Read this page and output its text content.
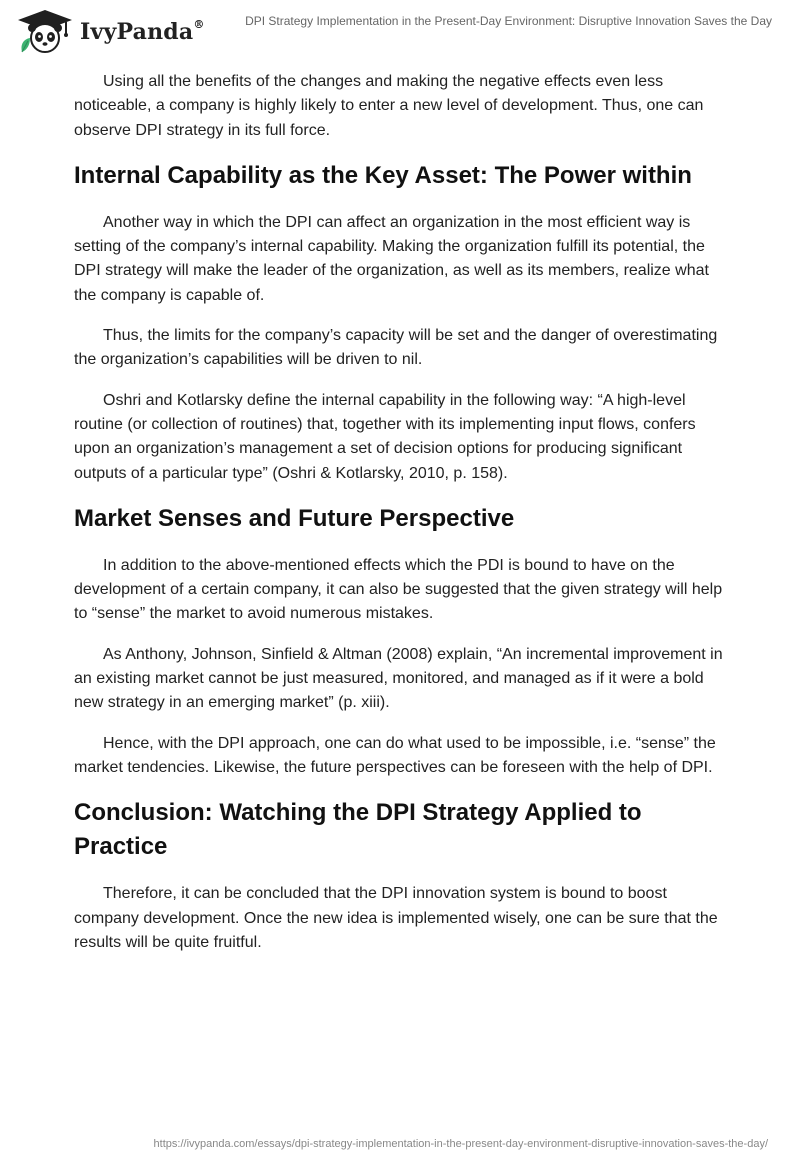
IvyPanda®	DPI Strategy Implementation in the Present-Day Environment: Disruptive Innovation Saves the Day

Using all the benefits of the changes and making the negative effects even less noticeable, a company is highly likely to enter a new level of development. Thus, one can observe DPI strategy in its full force.

Internal Capability as the Key Asset: The Power within

Another way in which the DPI can affect an organization in the most efficient way is setting of the company’s internal capability. Making the organization fulfill its potential, the DPI strategy will make the leader of the organization, as well as its members, realize what the company is capable of.

Thus, the limits for the company’s capacity will be set and the danger of overestimating the organization’s capabilities will be driven to nil.

Oshri and Kotlarsky define the internal capability in the following way: “A high-level routine (or collection of routines) that, together with its implementing input flows, confers upon an organization’s management a set of decision options for producing significant outputs of a particular type” (Oshri & Kotlarsky, 2010, p. 158).

Market Senses and Future Perspective

In addition to the above-mentioned effects which the PDI is bound to have on the development of a certain company, it can also be suggested that the given strategy will help to “sense” the market to avoid numerous mistakes.

As Anthony, Johnson, Sinfield & Altman (2008) explain, “An incremental improvement in an existing market cannot be just measured, monitored, and managed as if it were a bold new strategy in an emerging market” (p. xiii).

Hence, with the DPI approach, one can do what used to be impossible, i.e. “sense” the market tendencies. Likewise, the future perspectives can be foreseen with the help of DPI.

Conclusion: Watching the DPI Strategy Applied to Practice

Therefore, it can be concluded that the DPI innovation system is bound to boost company development. Once the new idea is implemented wisely, one can be sure that the results will be quite fruitful.

https://ivypanda.com/essays/dpi-strategy-implementation-in-the-present-day-environment-disruptive-innovation-saves-the-day/
